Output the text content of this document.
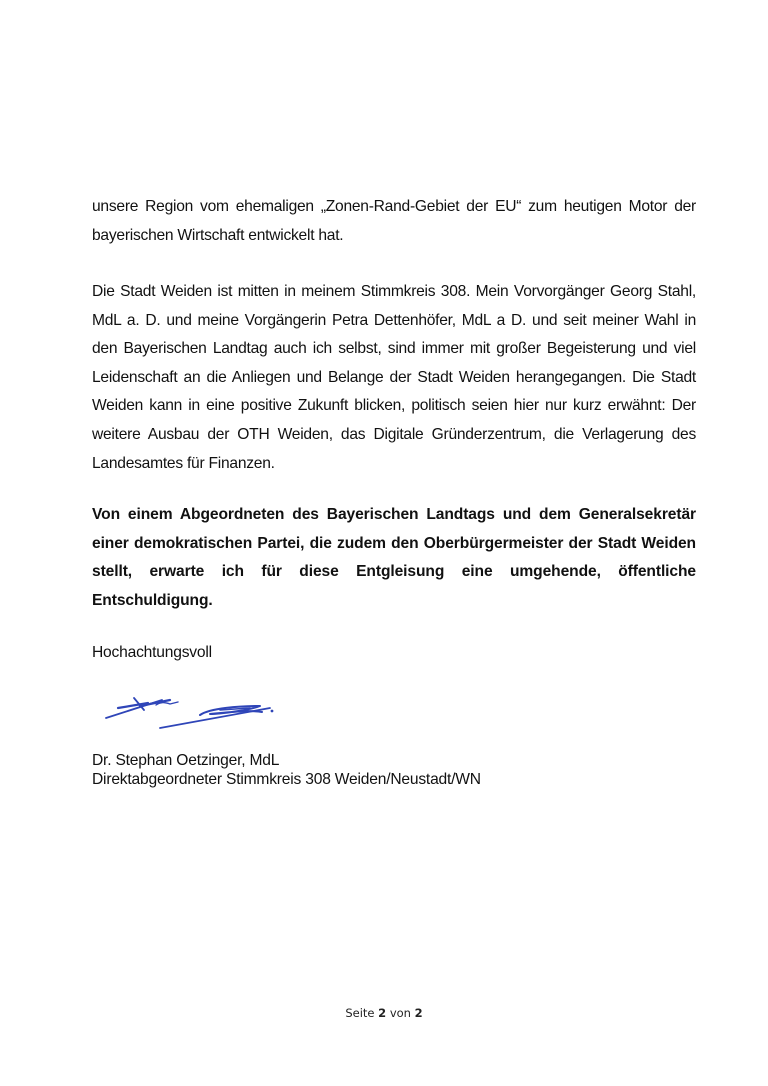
unsere Region vom ehemaligen „Zonen-Rand-Gebiet der EU“ zum heutigen Motor der
bayerischen Wirtschaft entwickelt hat.
Die Stadt Weiden ist mitten in meinem Stimmkreis 308. Mein Vorvorgänger Georg Stahl,
MdL a. D. und meine Vorgängerin Petra Dettenhöfer, MdL a D. und seit meiner Wahl in
den Bayerischen Landtag auch ich selbst, sind immer mit großer Begeisterung und viel
Leidenschaft an die Anliegen und Belange der Stadt Weiden herangegangen. Die Stadt
Weiden kann in eine positive Zukunft blicken, politisch seien hier nur kurz erwähnt: Der
weitere Ausbau der OTH Weiden, das Digitale Gründerzentrum, die Verlagerung des
Landesamtes für Finanzen.
Von einem Abgeordneten des Bayerischen Landtags und dem Generalsekretär
einer demokratischen Partei, die zudem den Oberbürgermeister der Stadt Weiden
stellt, erwarte ich für diese Entgleisung eine umgehende, öffentliche
Entschuldigung.
Hochachtungsvoll
Dr. Stephan Oetzinger, MdL
Direktabgeordneter Stimmkreis 308 Weiden/Neustadt/WN
Seite 2 von 2
